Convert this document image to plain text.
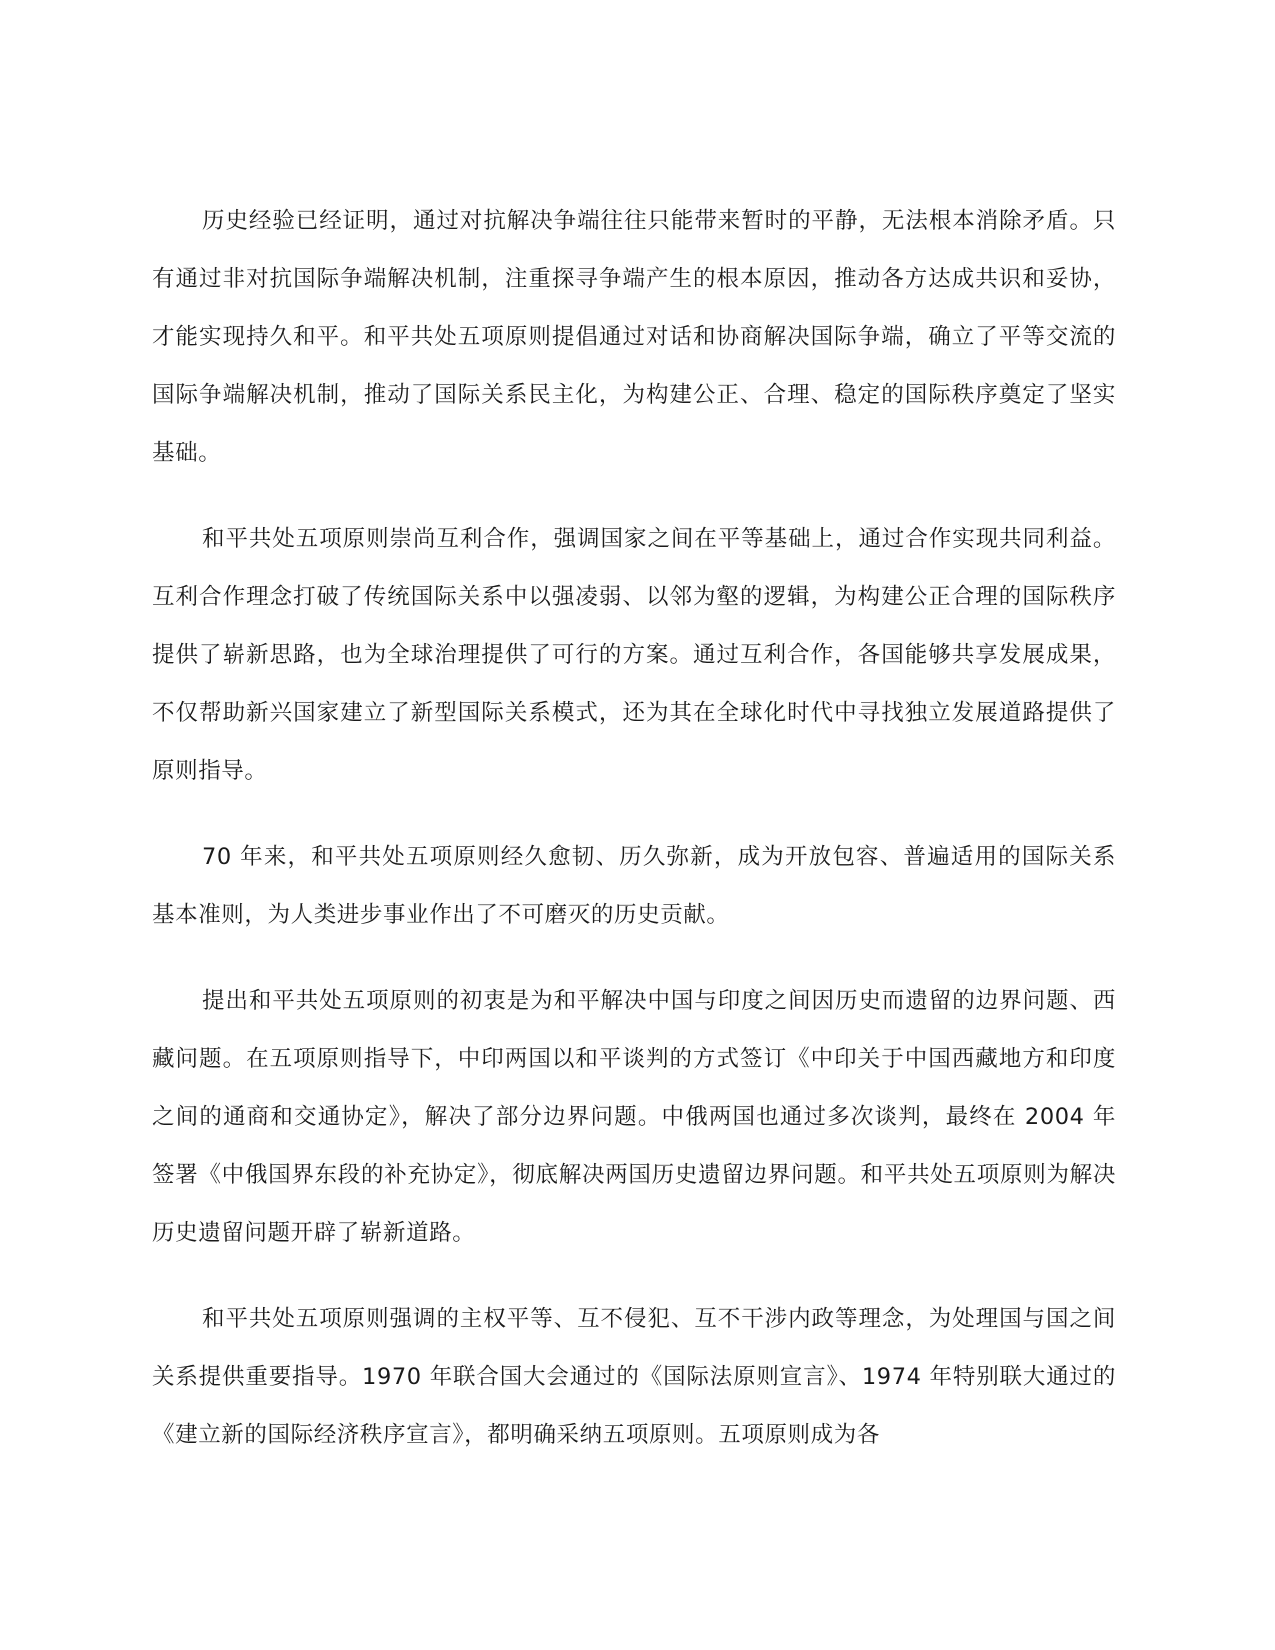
历史经验已经证明，通过对抗解决争端往往只能带来暂时的平静，无法根本消除矛盾。只有通过非对抗国际争端解决机制，注重探寻争端产生的根本原因，推动各方达成共识和妥协，才能实现持久和平。和平共处五项原则提倡通过对话和协商解决国际争端，确立了平等交流的国际争端解决机制，推动了国际关系民主化，为构建公正、合理、稳定的国际秩序奠定了坚实基础。

和平共处五项原则崇尚互利合作，强调国家之间在平等基础上，通过合作实现共同利益。互利合作理念打破了传统国际关系中以强凌弱、以邻为壑的逻辑，为构建公正合理的国际秩序提供了崭新思路，也为全球治理提供了可行的方案。通过互利合作，各国能够共享发展成果，不仅帮助新兴国家建立了新型国际关系模式，还为其在全球化时代中寻找独立发展道路提供了原则指导。

70 年来，和平共处五项原则经久愈韧、历久弥新，成为开放包容、普遍适用的国际关系基本准则，为人类进步事业作出了不可磨灭的历史贡献。

提出和平共处五项原则的初衷是为和平解决中国与印度之间因历史而遗留的边界问题、西藏问题。在五项原则指导下，中印两国以和平谈判的方式签订《中印关于中国西藏地方和印度之间的通商和交通协定》，解决了部分边界问题。中俄两国也通过多次谈判，最终在 2004 年签署《中俄国界东段的补充协定》，彻底解决两国历史遗留边界问题。和平共处五项原则为解决历史遗留问题开辟了崭新道路。

和平共处五项原则强调的主权平等、互不侵犯、互不干涉内政等理念，为处理国与国之间关系提供重要指导。1970 年联合国大会通过的《国际法原则宣言》、1974 年特别联大通过的《建立新的国际经济秩序宣言》，都明确采纳五项原则。五项原则成为各
